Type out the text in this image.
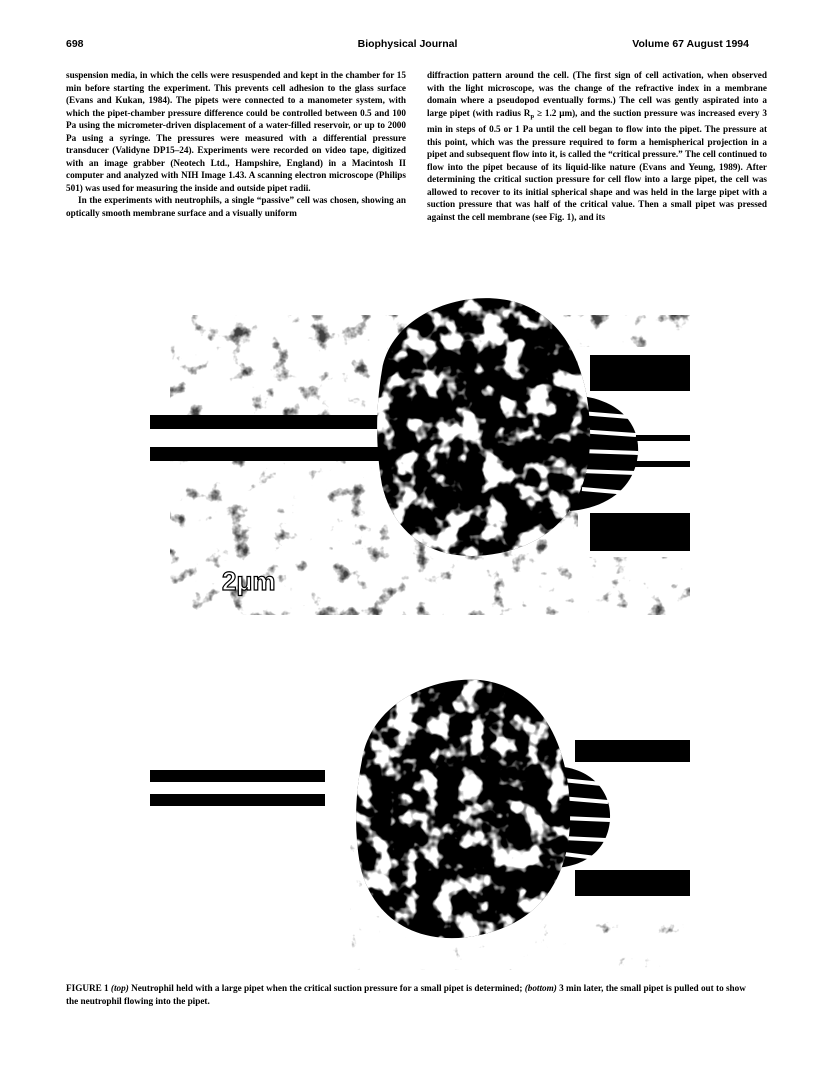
698	Biophysical Journal	Volume 67 August 1994

suspension media, in which the cells were resuspended and kept in the chamber for 15 min before starting the experiment. This prevents cell adhesion to the glass surface (Evans and Kukan, 1984). The pipets were connected to a manometer system, with which the pipet-chamber pressure difference could be controlled between 0.5 and 100 Pa using the micrometer-driven displacement of a water-filled reservoir, or up to 2000 Pa using a syringe. The pressures were measured with a differential pressure transducer (Validyne DP15–24). Experiments were recorded on video tape, digitized with an image grabber (Neotech Ltd., Hampshire, England) in a Macintosh II computer and analyzed with NIH Image 1.43. A scanning electron microscope (Philips 501) was used for measuring the inside and outside pipet radii.

In the experiments with neutrophils, a single “passive” cell was chosen, showing an optically smooth membrane surface and a visually uniform

diffraction pattern around the cell. (The first sign of cell activation, when observed with the light microscope, was the change of the refractive index in a membrane domain where a pseudopod eventually forms.) The cell was gently aspirated into a large pipet (with radius $R_p \ge 1.2$ μm), and the suction pressure was increased every 3 min in steps of 0.5 or 1 Pa until the cell began to flow into the pipet. The pressure at this point, which was the pressure required to form a hemispherical projection in a pipet and subsequent flow into it, is called the “critical pressure.” The cell continued to flow into the pipet because of its liquid-like nature (Evans and Yeung, 1989). After determining the critical suction pressure for cell flow into a large pipet, the cell was allowed to recover to its initial spherical shape and was held in the large pipet with a suction pressure that was half of the critical value. Then a small pipet was pressed against the cell membrane (see Fig. 1), and its

2μm
FIGURE 1 (top) Neutrophil held with a large pipet when the critical suction pressure for a small pipet is determined; (bottom) 3 min later, the small pipet is pulled out to show the neutrophil flowing into the pipet.
